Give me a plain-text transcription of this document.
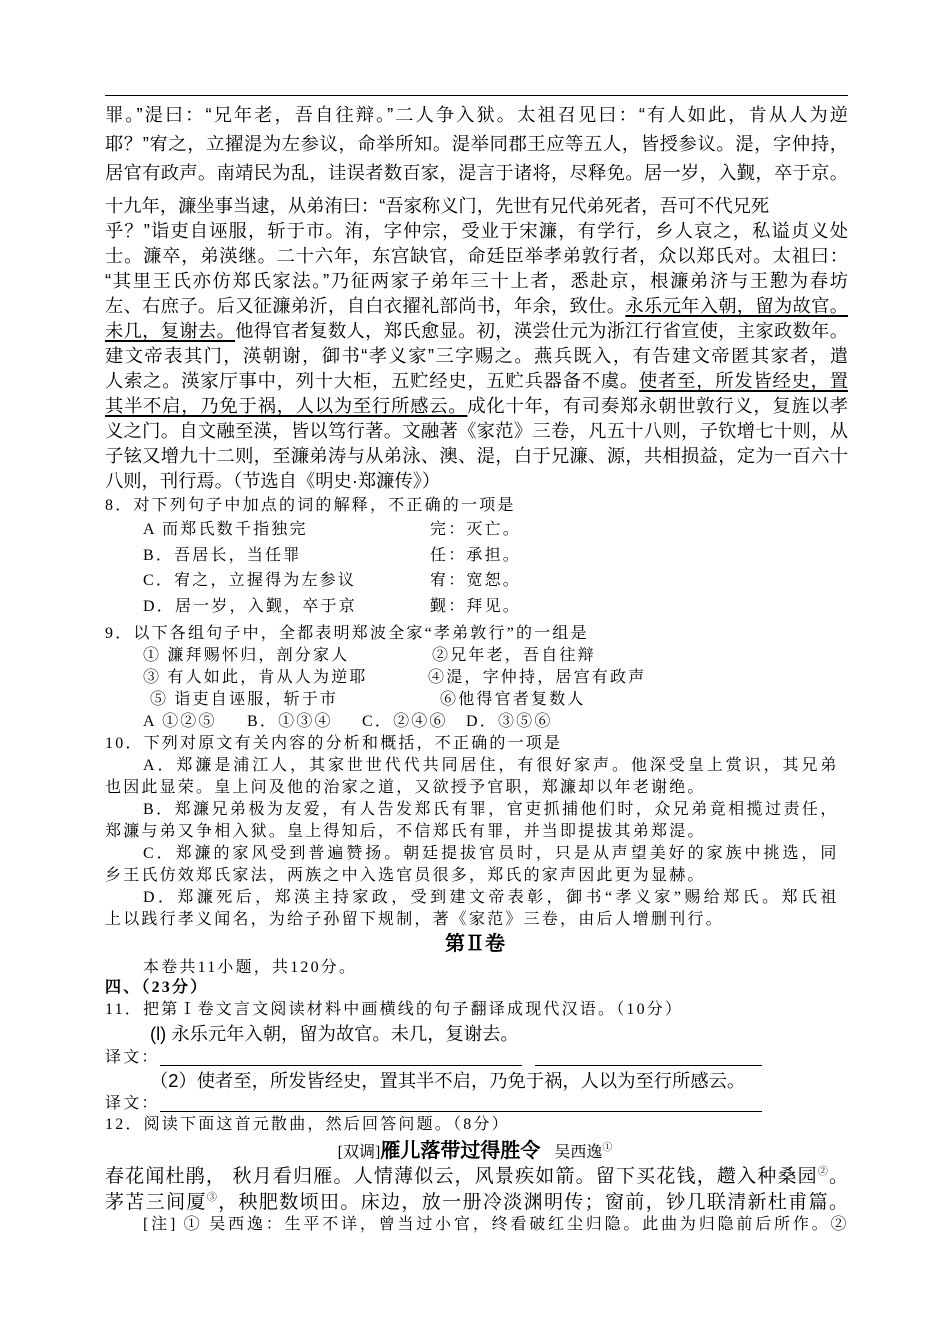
罪。”湜曰：“兄年老，吾自往辩。”二人争入狱。太祖召见曰：“有人如此，肯从人为逆
耶？”宥之，立擢湜为左参议，命举所知。湜举同郡王应等五人，皆授参议。湜，字仲持，
居官有政声。南靖民为乱，诖误者数百家，湜言于诸将，尽释免。居一岁，入觐，卒于京。
十九年，濂坐事当逮，从弟洧曰：“吾家称义门，先世有兄代弟死者，吾可不代兄死
乎？”诣吏自诬服，斩于市。洧，字仲宗，受业于宋濂，有学行，乡人哀之，私谥贞义处
士。濂卒，弟渶继。二十六年，东宫缺官，命廷臣举孝弟敦行者，众以郑氏对。太祖曰：
“其里王氏亦仿郑氏家法。”乃征两家子弟年三十上者，悉赴京，根濂弟济与王懃为春坊
左、右庶子。后又征濂弟沂，自白衣擢礼部尚书，年余，致仕。永乐元年入朝，留为故官。
未几，复谢去。他得官者复数人，郑氏愈显。初，渶尝仕元为浙江行省宣使，主家政数年。
建文帝表其门，渶朝谢，御书“孝义家”三字赐之。燕兵既入，有告建文帝匿其家者，遣
人索之。渶家厅事中，列十大柜，五贮经史，五贮兵器备不虞。使者至，所发皆经史，置
其半不启，乃免于祸，人以为至行所感云。成化十年，有司奏郑永朝世敦行义，复旌以孝
义之门。自文融至渶，皆以笃行著。文融著《家范》三卷，凡五十八则，子钦增七十则，从
子铉又增九十二则，至濂弟涛与从弟泳、澳、湜，白于兄濂、源，共相损益，定为一百六十
八则，刊行焉。（节选自《明史·郑濂传》）
8．对下列句子中加点的词的解释，不正确的一项是
A 而郑氏数千指独完	完：灭亡。
B．吾居长，当任罪	任：承担。
C．宥之，立握得为左参议	宥：宽恕。
D．居一岁，入觐，卒于京	觐：拜见。
9．以下各组句子中，全都表明郑波全家“孝弟敦行”的一组是
① 濂拜赐怀归，剖分家人	②兄年老，吾自往辩
③ 有人如此，肯从人为逆耶	④湜，字仲持，居宫有政声
⑤ 诣吏自诬服，斩于市	⑥他得官者复数人
A ①②⑤ B．①③④ C．②④⑥ D．③⑤⑥
10．下列对原文有关内容的分析和概括，不正确的一项是
A．郑濂是浦江人，其家世世代代共同居住，有很好家声。他深受皇上赏识，其兄弟
也因此显荣。皇上问及他的治家之道，又欲授予官职，郑濂却以年老谢绝。
B．郑濂兄弟极为友爱，有人告发郑氏有罪，官吏抓捕他们时，众兄弟竟相揽过责任，
郑濂与弟又争相入狱。皇上得知后，不信郑氏有罪，并当即提拔其弟郑湜。
C．郑濂的家风受到普遍赞扬。朝廷提拔官员时，只是从声望美好的家族中挑选，同
乡王氏仿效郑氏家法，两族之中入选官员很多，郑氏的家声因此更为显赫。
D．郑濂死后，郑渶主持家政，受到建文帝表彰，御书“孝义家”赐给郑氏。郑氏祖
上以践行孝义闻名，为给子孙留下规制，著《家范》三卷，由后人增删刊行。
第Ⅱ卷
本卷共11小题，共120分。
四、（23分）
11．把第Ⅰ卷文言文阅读材料中画横线的句子翻译成现代汉语。（10分）
(l) 永乐元年入朝，留为故官。未几，复谢去。
译文：
（2）使者至，所发皆经史，置其半不启，乃免于祸，人以为至行所感云。
译文：
12．阅读下面这首元散曲，然后回答问题。（8分）
[双调]雁儿落带过得胜令 吴西逸①
春花闻杜鹃， 秋月看归雁。人情薄似云，风景疾如箭。留下买花钱，趱入种桑园②。
茅苫三间厦③，秧肥数顷田。床边，放一册冷淡渊明传；窗前，钞几联清新杜甫篇。
[注] ① 吴西逸：生平不详，曾当过小官，终看破红尘归隐。此曲为归隐前后所作。②
